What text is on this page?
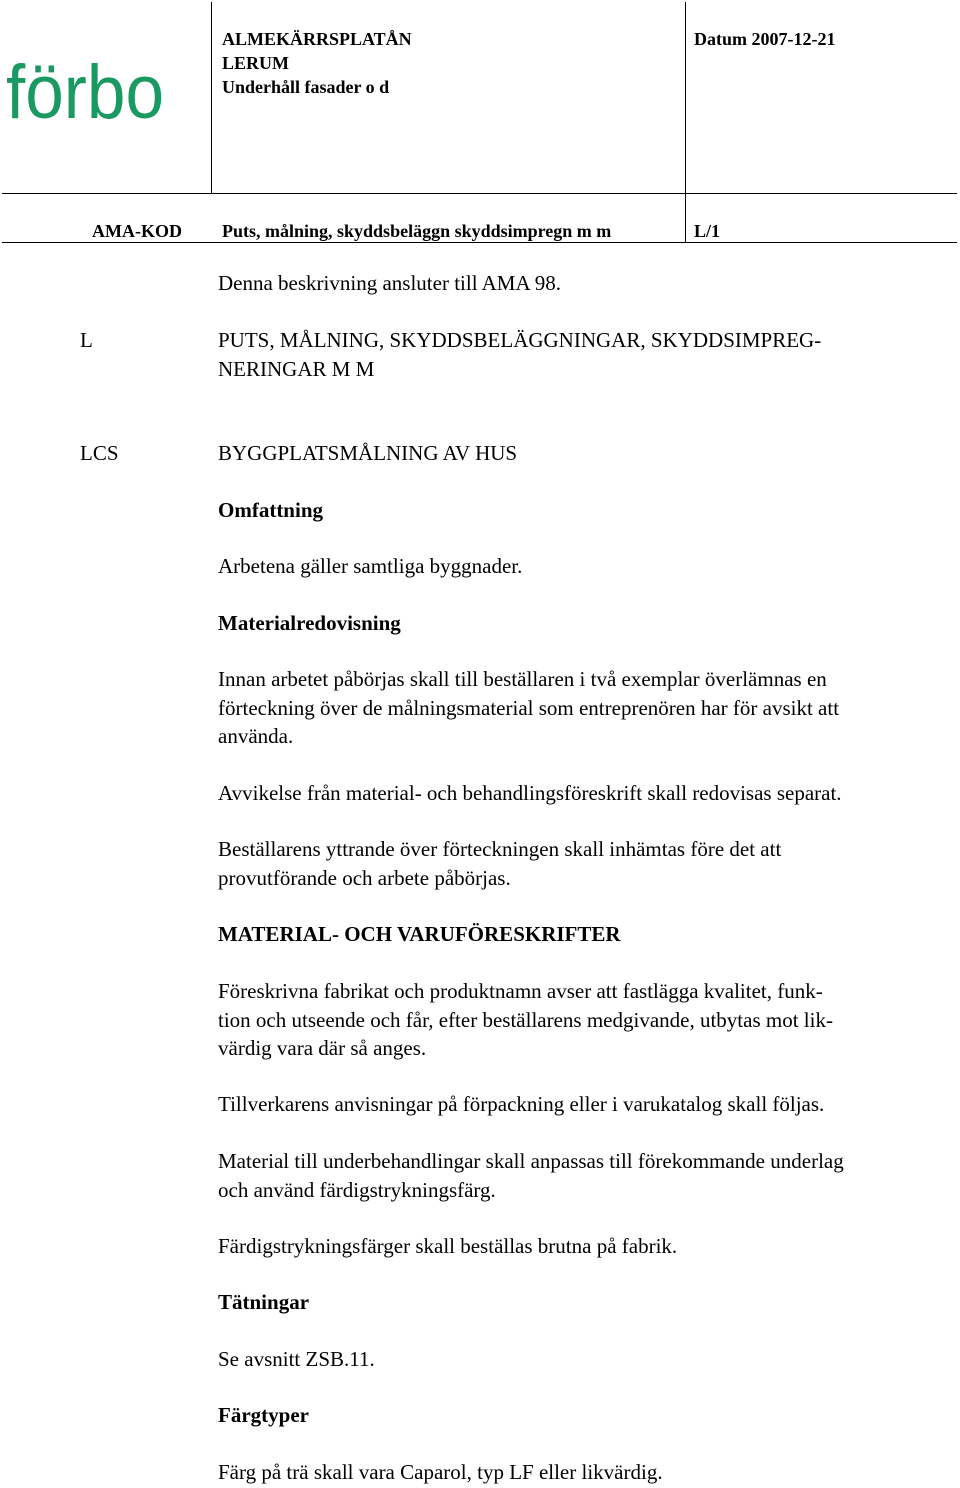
förbo
ALMEKÄRRSPLATÅN
LERUM
Underhåll fasader o d
Datum 2007-12-21
AMA-KOD Puts, målning, skyddsbeläggn skyddsimpregn m m	L/1
Denna beskrivning ansluter till AMA 98.
L	PUTS, MÅLNING, SKYDDSBELÄGGNINGAR, SKYDDSIMPREG-
NERINGAR M M
LCS	BYGGPLATSMÅLNING AV HUS
Omfattning
Arbetena gäller samtliga byggnader.
Materialredovisning
Innan arbetet påbörjas skall till beställaren i två exemplar överlämnas en
förteckning över de målningsmaterial som entreprenören har för avsikt att
använda.
Avvikelse från material- och behandlingsföreskrift skall redovisas separat.
Beställarens yttrande över förteckningen skall inhämtas före det att
provutförande och arbete påbörjas.
MATERIAL- OCH VARUFÖRESKRIFTER
Föreskrivna fabrikat och produktnamn avser att fastlägga kvalitet, funk-
tion och utseende och får, efter beställarens medgivande, utbytas mot lik-
värdig vara där så anges.
Tillverkarens anvisningar på förpackning eller i varukatalog skall följas.
Material till underbehandlingar skall anpassas till förekommande underlag
och använd färdigstrykningsfärg.
Färdigstrykningsfärger skall beställas brutna på fabrik.
Tätningar
Se avsnitt ZSB.11.
Färgtyper
Färg på trä skall vara Caparol, typ LF eller likvärdig.
